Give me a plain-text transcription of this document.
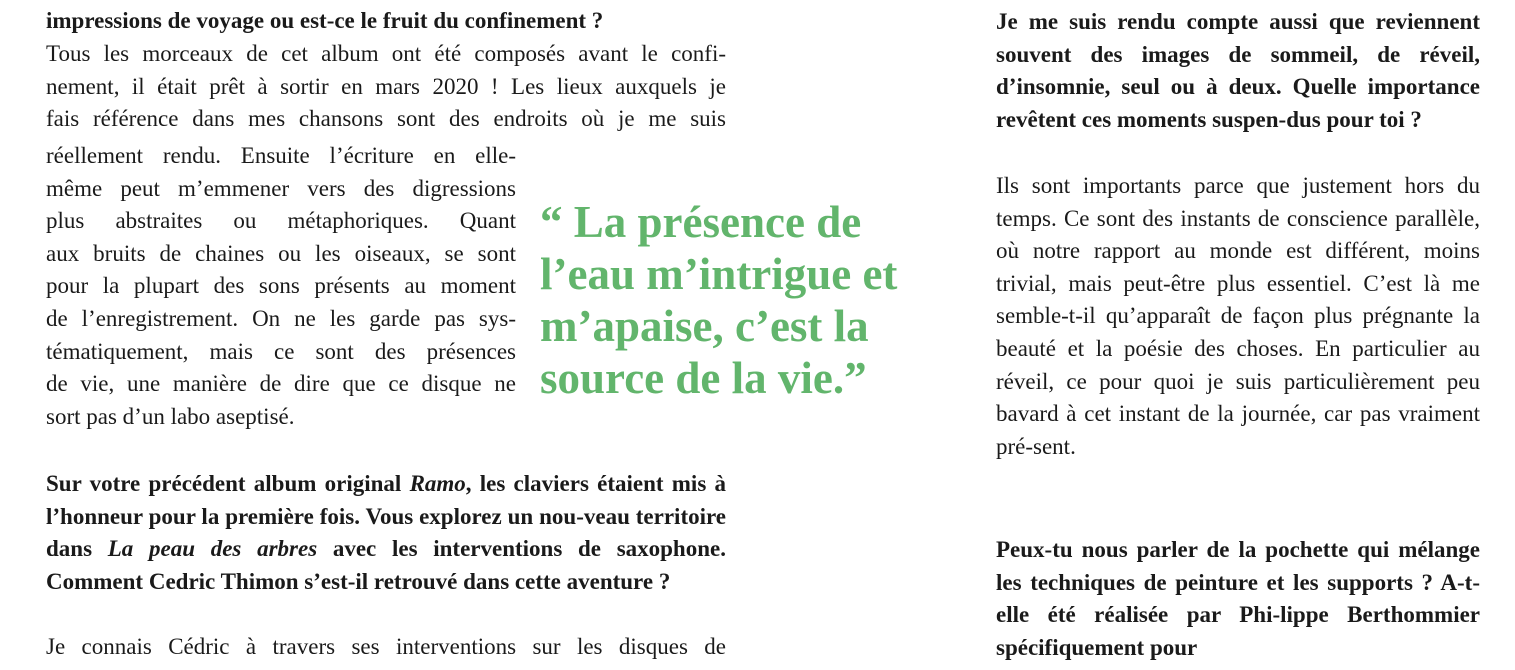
impressions de voyage ou est-ce le fruit du confinement ?
Tous les morceaux de cet album ont été composés avant le confi-
nement, il était prêt à sortir en mars 2020 ! Les lieux auxquels je
fais référence dans mes chansons sont des endroits où je me suis
réellement rendu. Ensuite l’écriture en elle-
même peut m’emmener vers des digressions
plus abstraites ou métaphoriques. Quant
aux bruits de chaines ou les oiseaux, se sont
pour la plupart des sons présents au moment
de l’enregistrement. On ne les garde pas sys-
tématiquement, mais ce sont des présences
de vie, une manière de dire que ce disque ne
sort pas d’un labo aseptisé.

Sur votre précédent album original Ramo, les claviers étaient mis à l’honneur pour la première fois. Vous explorez un nou-veau territoire dans La peau des arbres avec les interventions de saxophone. Comment Cedric Thimon s’est-il retrouvé dans cette aventure ?

Je connais Cédric à travers ses interventions sur les disques de
“ La présence de
l’eau m’intrigue et
m’apaise, c’est la
source de la vie.”

Je me suis rendu compte aussi que reviennent souvent des images de sommeil, de réveil, d’insomnie, seul ou à deux. Quelle importance revêtent ces moments suspen-dus pour toi ?

Ils sont importants parce que justement hors du temps. Ce sont des instants de conscience parallèle, où notre rapport au monde est différent, moins trivial, mais peut-être plus essentiel. C’est là me semble-t-il qu’apparaît de façon plus prégnante la beauté et la poésie des choses. En particulier au réveil, ce pour quoi je suis particulièrement peu bavard à cet instant de la journée, car pas vraiment pré-sent.

Peux-tu nous parler de la pochette qui mélange les techniques de peinture et les supports ? A-t-elle été réalisée par Phi-lippe Berthommier spécifiquement pour
